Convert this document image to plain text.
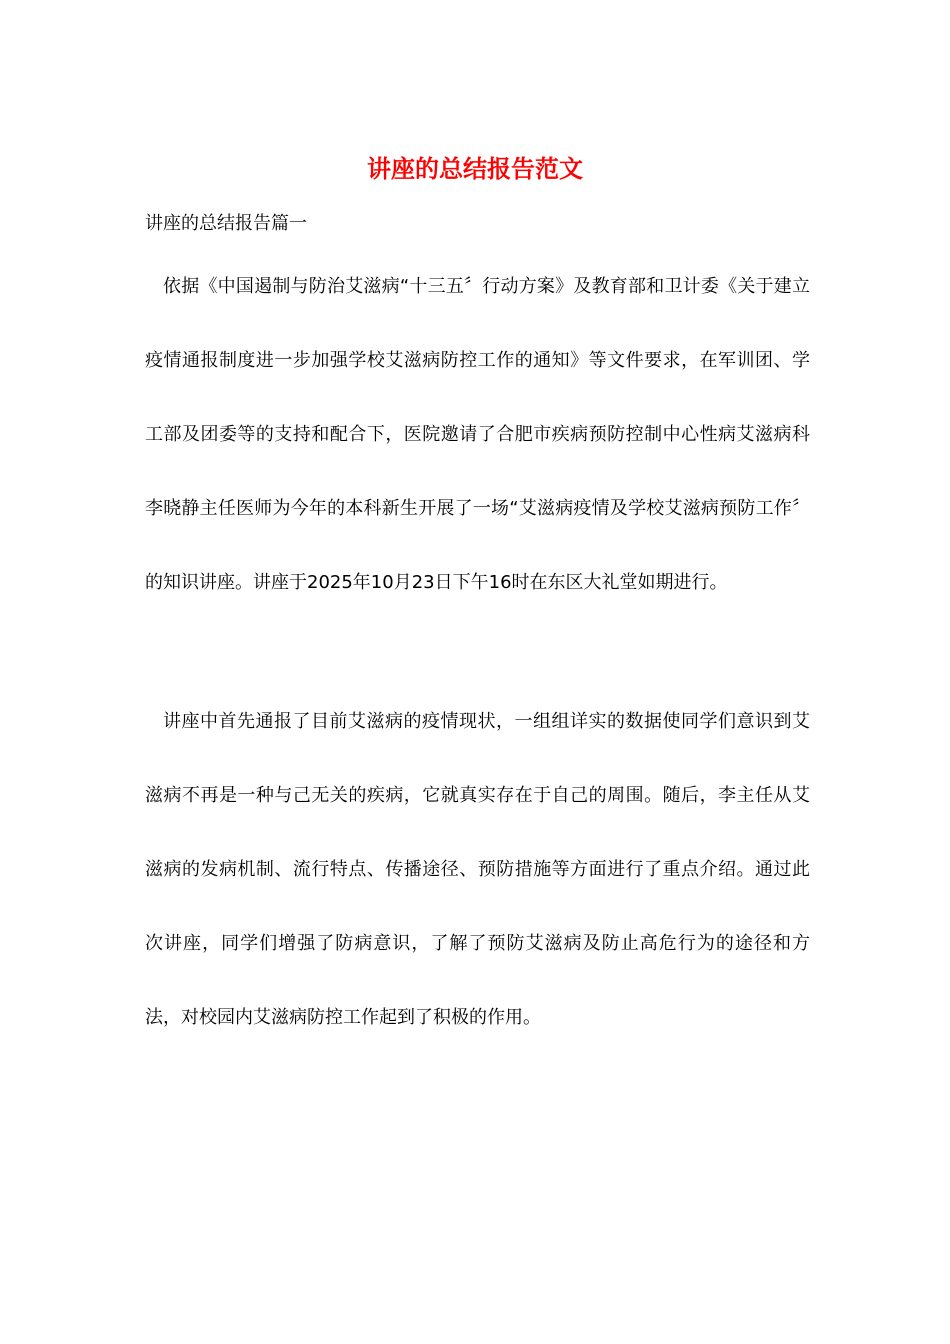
讲座的总结报告范文

讲座的总结报告篇一

依据《中国遏制与防治艾滋病“十三五〞行动方案》及教育部和卫计委《关于建立疫情通报制度进一步加强学校艾滋病防控工作的通知》等文件要求，在军训团、学工部及团委等的支持和配合下，医院邀请了合肥市疾病预防控制中心性病艾滋病科李晓静主任医师为今年的本科新生开展了一场“艾滋病疫情及学校艾滋病预防工作〞的知识讲座。讲座于2025年10月23日下午16时在东区大礼堂如期进行。

讲座中首先通报了目前艾滋病的疫情现状，一组组详实的数据使同学们意识到艾滋病不再是一种与己无关的疾病，它就真实存在于自己的周围。随后，李主任从艾滋病的发病机制、流行特点、传播途径、预防措施等方面进行了重点介绍。通过此次讲座，同学们增强了防病意识，了解了预防艾滋病及防止高危行为的途径和方法，对校园内艾滋病防控工作起到了积极的作用。
